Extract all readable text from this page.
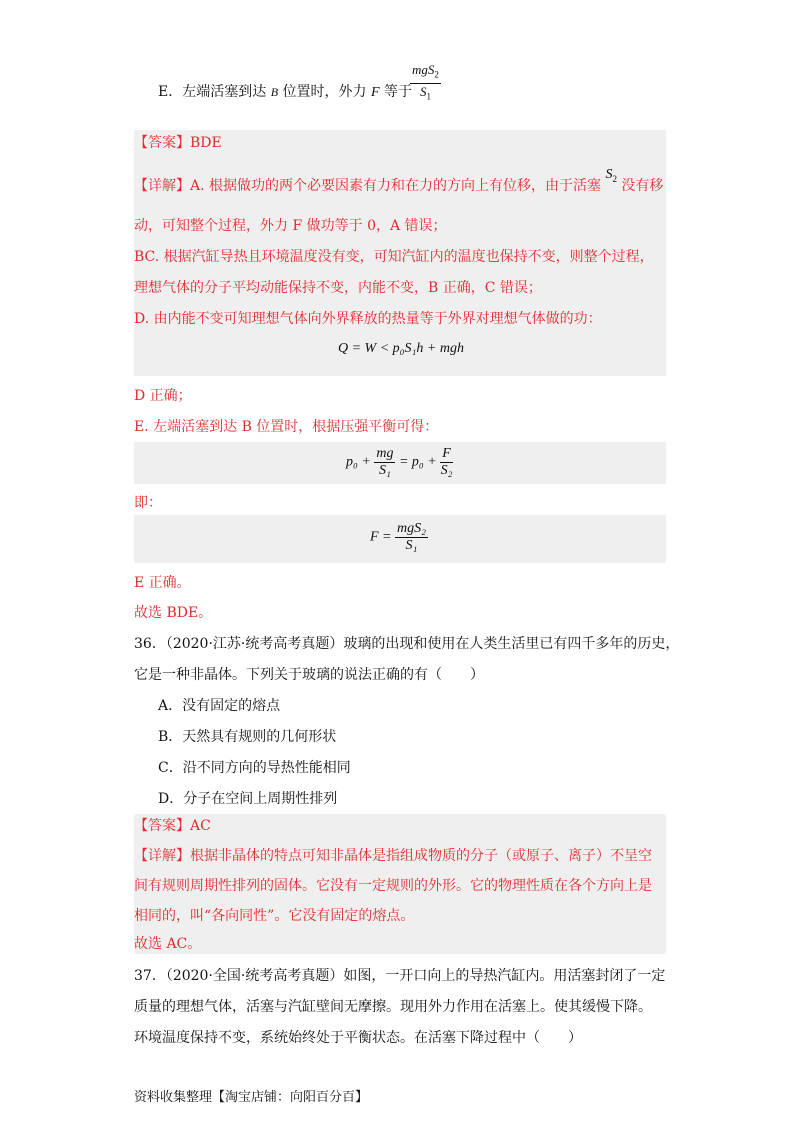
E．左端活塞到达 B 位置时，外力 F 等于
mgS$_2$
$S_1$
【答案】BDE
【详解】A. 根据做功的两个必要因素有力和在力的方向上有位移，由于活塞 $S_2$ 没有移
动，可知整个过程，外力 F 做功等于 0，A 错误；
BC. 根据汽缸导热且环境温度没有变，可知汽缸内的温度也保持不变，则整个过程，
理想气体的分子平均动能保持不变，内能不变，B 正确，C 错误；
D. 由内能不变可知理想气体向外界释放的热量等于外界对理想气体做的功：
Q = W < p₀S₁h + mgh
D 正确；
E. 左端活塞到达 B 位置时，根据压强平衡可得：
$p_0 + \frac{mg}{\text{S₁}} = p_0 + \frac{F}{\text{S₂}}$
即：
$F = \frac{\text{mgS₂}}{\text{S₁}}$
E 正确。
故选 BDE。
36．（2020·江苏·统考高考真题）玻璃的出现和使用在人类生活里已有四千多年的历史，
它是一种非晶体。下列关于玻璃的说法正确的有（　　）
A．没有固定的熔点
B．天然具有规则的几何形状
C．沿不同方向的导热性能相同
D．分子在空间上周期性排列
【答案】AC
【详解】根据非晶体的特点可知非晶体是指组成物质的分子（或原子、离子）不呈空
间有规则周期性排列的固体。它没有一定规则的外形。它的物理性质在各个方向上是
相同的，叫“各向同性”。它没有固定的熔点。
故选 AC。
37．（2020·全国·统考高考真题）如图，一开口向上的导热汽缸内。用活塞封闭了一定
质量的理想气体，活塞与汽缸壁间无摩擦。现用外力作用在活塞上。使其缓慢下降。
环境温度保持不变，系统始终处于平衡状态。在活塞下降过程中（　　）
资料收集整理【淘宝店铺：向阳百分百】
